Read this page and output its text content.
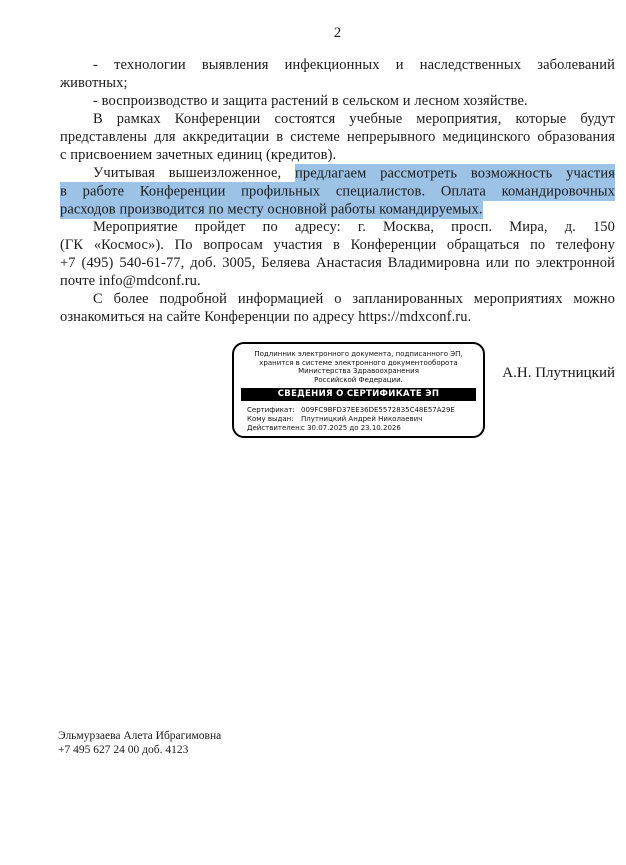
2
- технологии выявления инфекционных и наследственных заболеваний
животных;
- воспроизводство и защита растений в сельском и лесном хозяйстве.
В рамках Конференции состоятся учебные мероприятия, которые будут
представлены для аккредитации в системе непрерывного медицинского образования
с присвоением зачетных единиц (кредитов).
Учитывая вышеизложенное, предлагаем рассмотреть возможность участия
в работе Конференции профильных специалистов. Оплата командировочных
расходов производится по месту основной работы командируемых.
Мероприятие пройдет по адресу: г. Москва, просп. Мира, д. 150
(ГК «Космос»). По вопросам участия в Конференции обращаться по телефону
+7 (495) 540-61-77, доб. 3005, Беляева Анастасия Владимировна или по электронной
почте info@mdconf.ru.
С более подробной информацией о запланированных мероприятиях можно
ознакомиться на сайте Конференции по адресу https://mdxconf.ru.
Подлинник электронного документа, подписанного ЭП,
хранится в системе электронного документооборота
Министерства Здравоохранения
Российской Федерации.
СВЕДЕНИЯ О СЕРТИФИКАТЕ ЭП
Сертификат: 009FC9BFD37EE36DE5572835C48E57A29E
Кому выдан:	Плутницкий Андрей Николаевич
Действителен:
с 30.07.2025 до 23.10.2026
А.Н. Плутницкий
Эльмурзаева Алета Ибрагимовна
+7 495 627 24 00 доб. 4123
